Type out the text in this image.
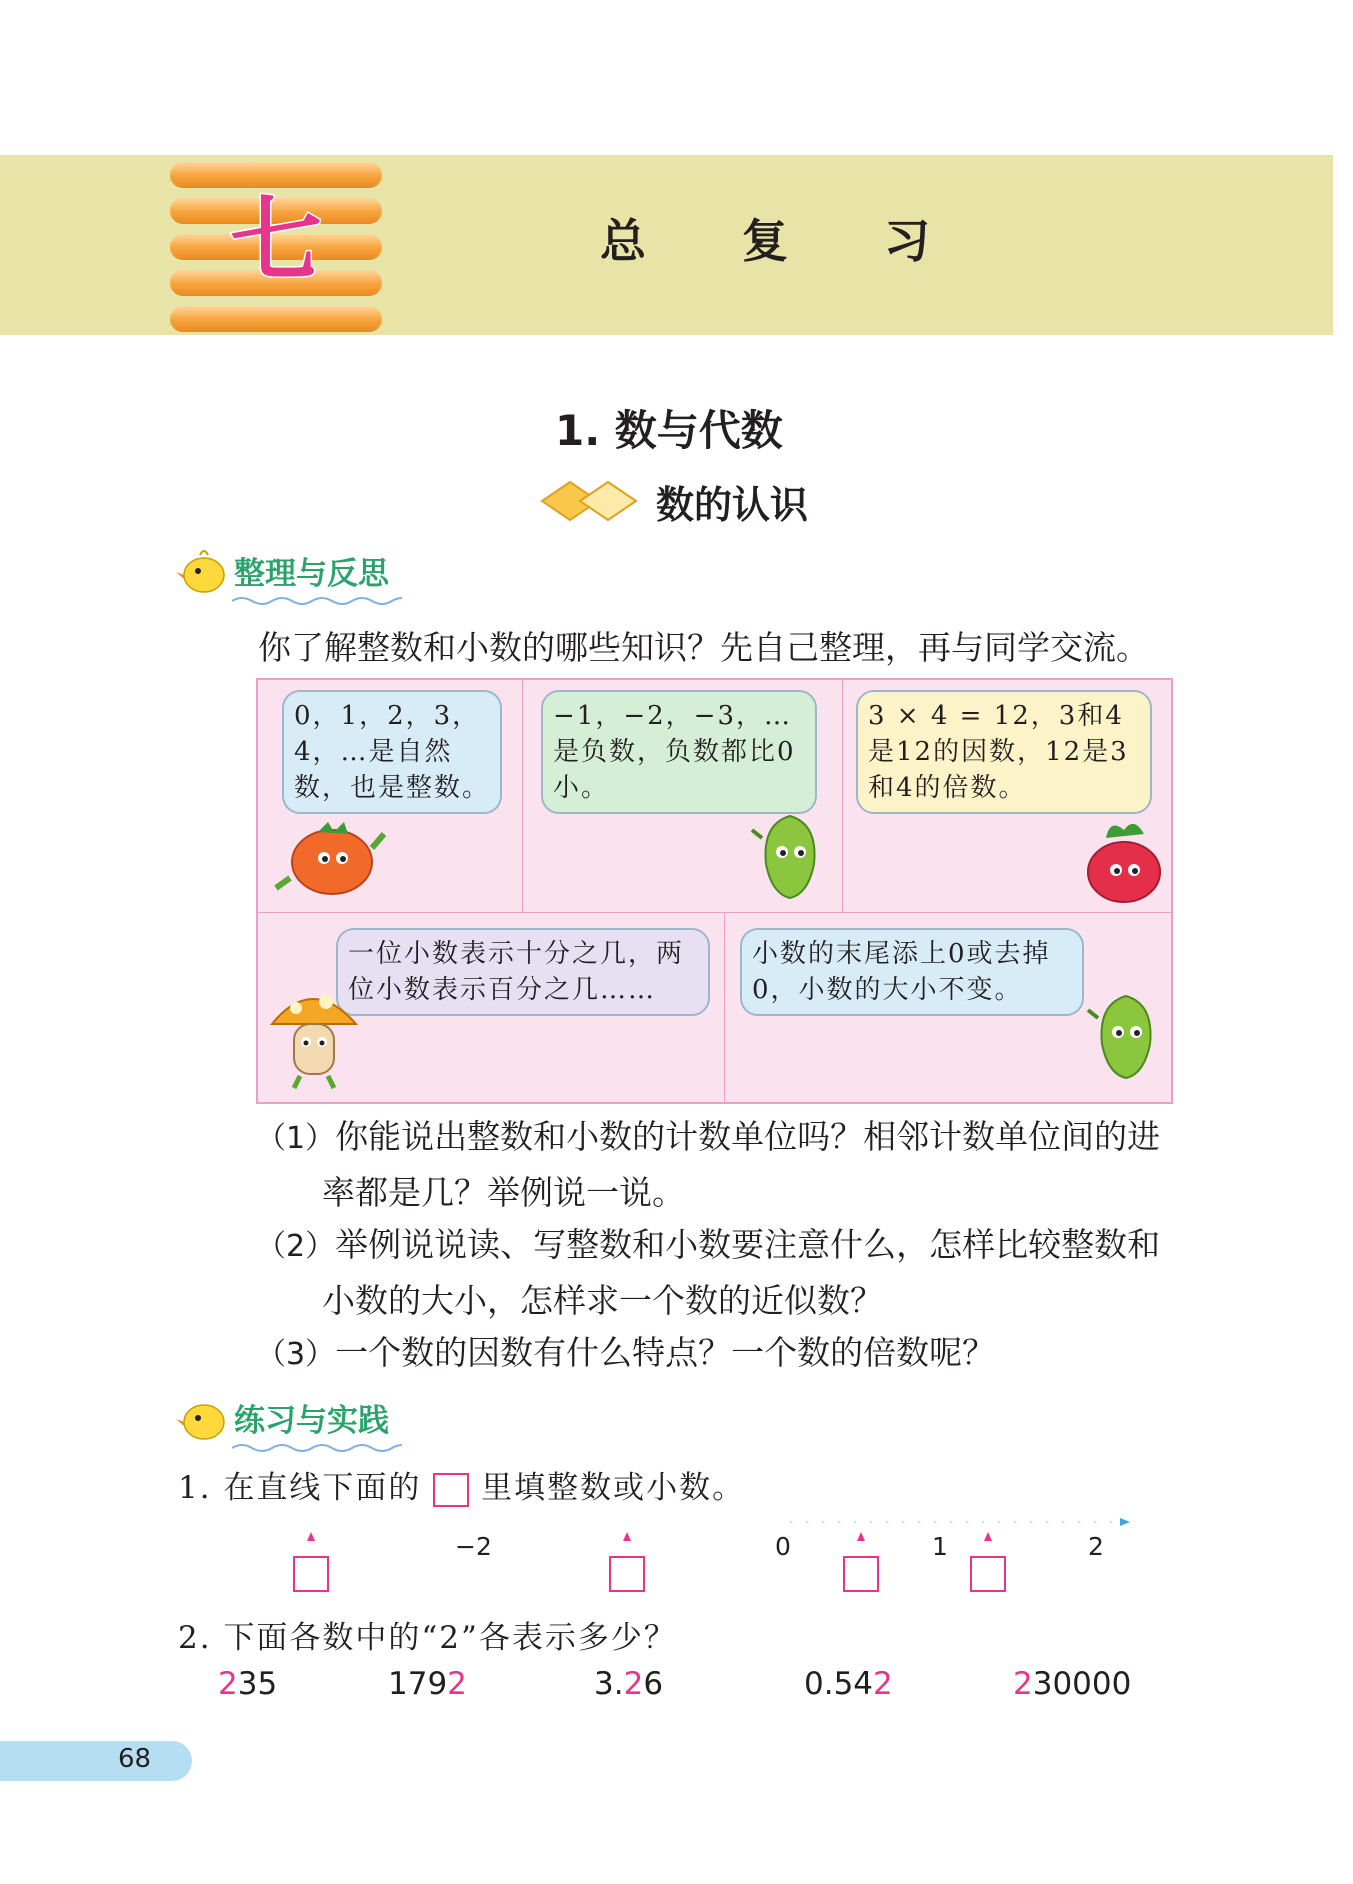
七	总 复 习
1. 数与代数
数的认识
整理与反思
你了解整数和小数的哪些知识？先自己整理，再与同学交流。
0，1，2，3，4，…是自然数，也是整数。
−1，−2，−3，…是负数，负数都比0小。
3 × 4 = 12，3和4是12的因数，12是3和4的倍数。
一位小数表示十分之几，两位小数表示百分之几……
小数的末尾添上0或去掉0，小数的大小不变。
（1）你能说出整数和小数的计数单位吗？相邻计数单位间的进
率都是几？举例说一说。
（2）举例说说读、写整数和小数要注意什么，怎样比较整数和
小数的大小，怎样求一个数的近似数？
（3）一个数的因数有什么特点？一个数的倍数呢？
练习与实践
1. 在直线下面的 里填整数或小数。
−2	0	1	2
2. 下面各数中的“2”各表示多少？
235	1792	3.26	0.542	230000
68
